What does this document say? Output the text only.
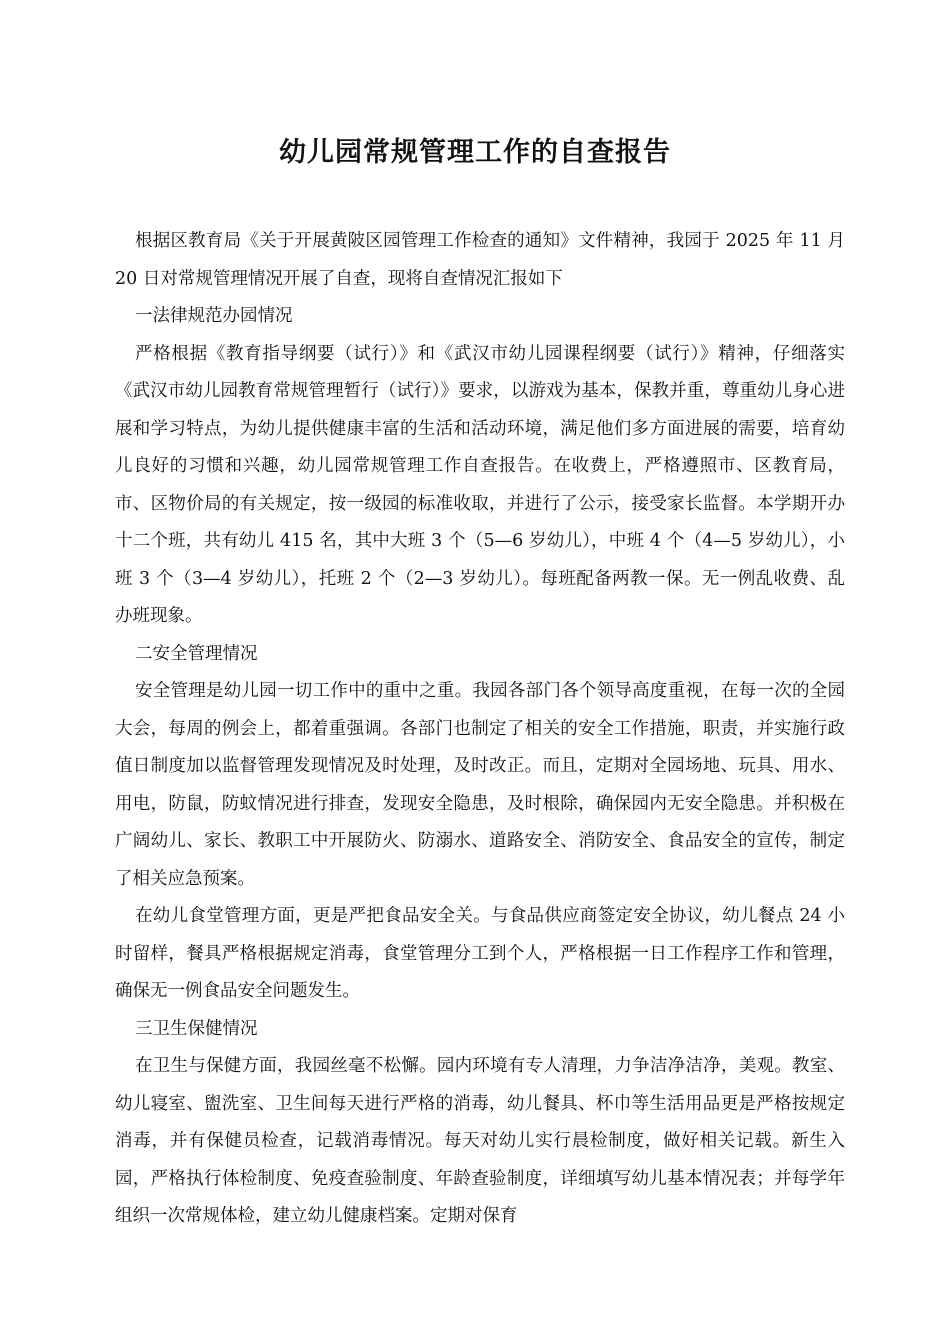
幼儿园常规管理工作的自查报告

根据区教育局《关于开展黄陂区园管理工作检查的通知》文件精神，我园于 2025 年 11 月 20 日对常规管理情况开展了自查，现将自查情况汇报如下

一法律规范办园情况

严格根据《教育指导纲要（试行）》和《武汉市幼儿园课程纲要（试行）》精神，仔细落实《武汉市幼儿园教育常规管理暂行（试行）》要求，以游戏为基本，保教并重，尊重幼儿身心进展和学习特点，为幼儿提供健康丰富的生活和活动环境，满足他们多方面进展的需要，培育幼儿良好的习惯和兴趣，幼儿园常规管理工作自查报告。在收费上，严格遵照市、区教育局，市、区物价局的有关规定，按一级园的标准收取，并进行了公示，接受家长监督。本学期开办十二个班，共有幼儿 415 名，其中大班 3 个（5—6 岁幼儿），中班 4 个（4—5 岁幼儿），小班 3 个（3—4 岁幼儿），托班 2 个（2—3 岁幼儿）。每班配备两教一保。无一例乱收费、乱办班现象。

二安全管理情况

安全管理是幼儿园一切工作中的重中之重。我园各部门各个领导高度重视，在每一次的全园大会，每周的例会上，都着重强调。各部门也制定了相关的安全工作措施，职责，并实施行政值日制度加以监督管理发现情况及时处理，及时改正。而且，定期对全园场地、玩具、用水、用电，防鼠，防蚊情况进行排查，发现安全隐患，及时根除，确保园内无安全隐患。并积极在广阔幼儿、家长、教职工中开展防火、防溺水、道路安全、消防安全、食品安全的宣传，制定了相关应急预案。

在幼儿食堂管理方面，更是严把食品安全关。与食品供应商签定安全协议，幼儿餐点 24 小时留样，餐具严格根据规定消毒，食堂管理分工到个人，严格根据一日工作程序工作和管理，确保无一例食品安全问题发生。

三卫生保健情况

在卫生与保健方面，我园丝毫不松懈。园内环境有专人清理，力争洁净洁净，美观。教室、幼儿寝室、盥洗室、卫生间每天进行严格的消毒，幼儿餐具、杯巾等生活用品更是严格按规定消毒，并有保健员检查，记载消毒情况。每天对幼儿实行晨检制度，做好相关记载。新生入园，严格执行体检制度、免疫查验制度、年龄查验制度，详细填写幼儿基本情况表；并每学年组织一次常规体检，建立幼儿健康档案。定期对保育
